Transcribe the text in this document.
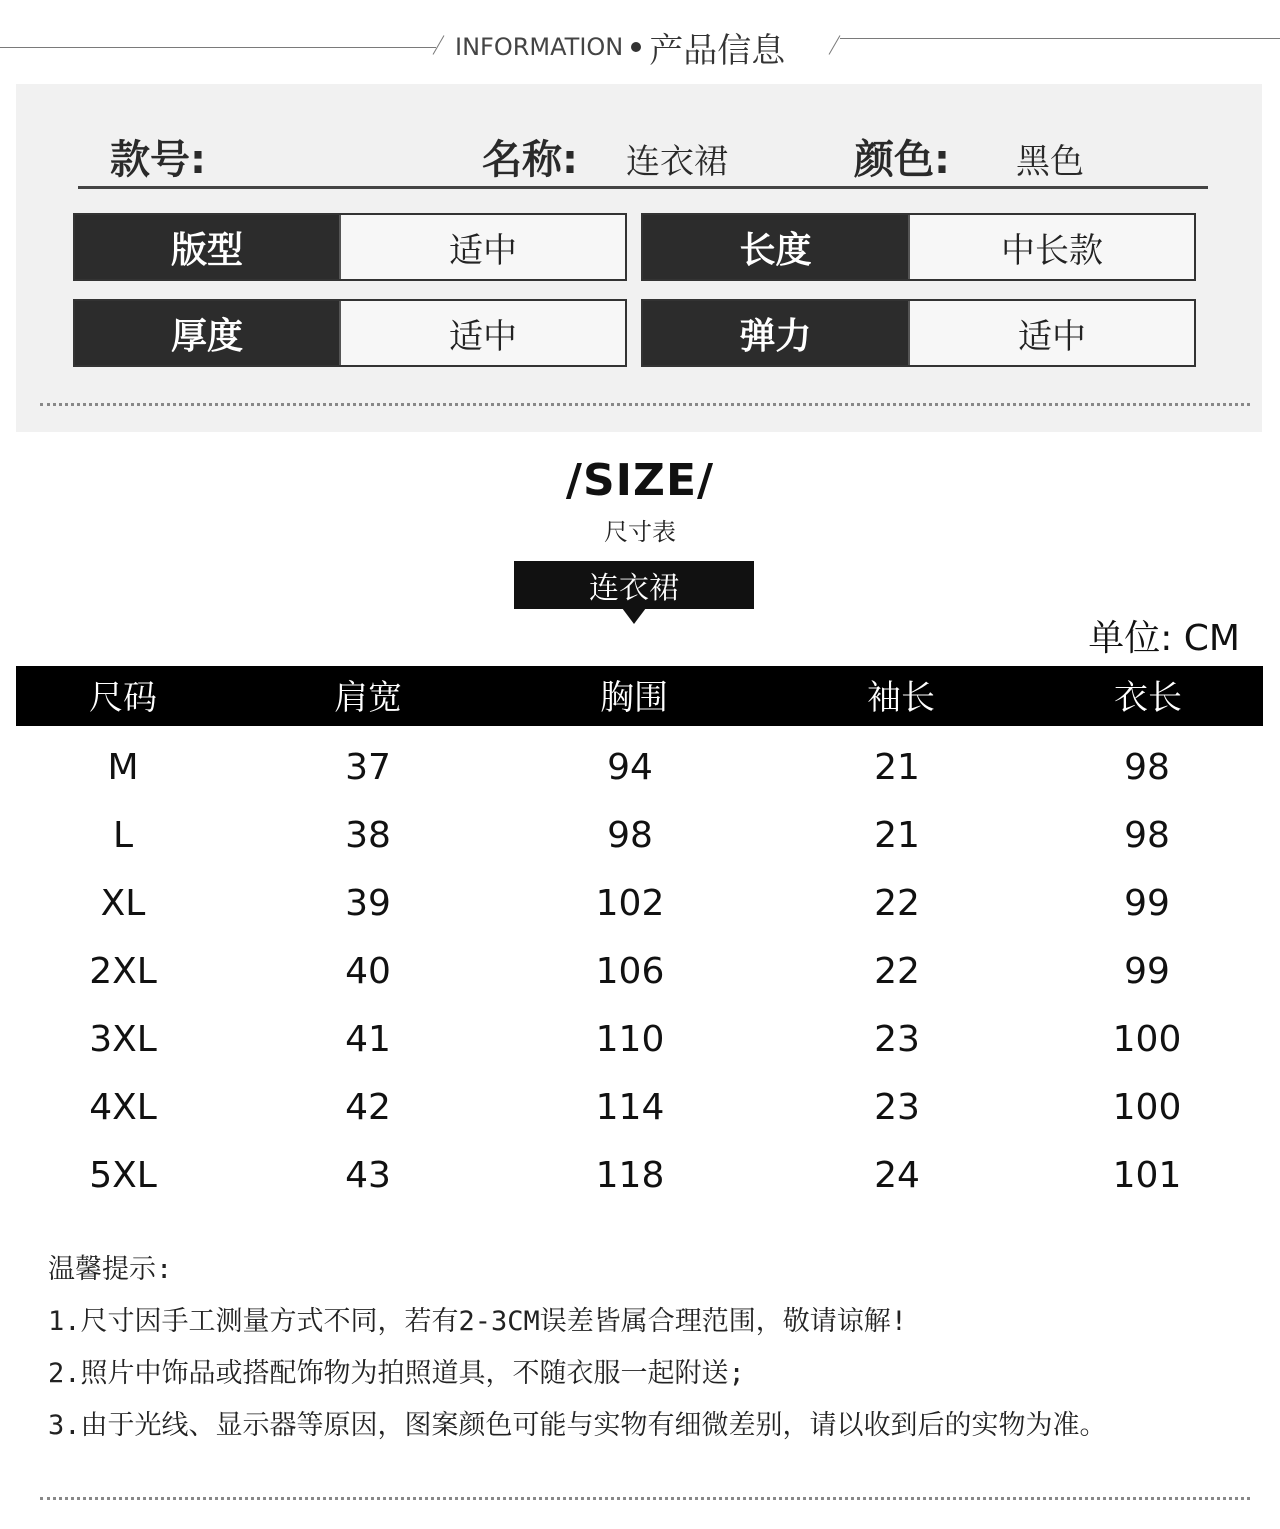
INFORMATION 产品信息
款号:	名称: 连衣裙	颜色: 黑色
版型	适中	长度	中长款
厚度	适中	弹力	适中
/SIZE/
尺寸表
连衣裙
单位: CM
尺码	肩宽	胸围	袖长	衣长
M	37	94	21	98
L	38	98	21	98
XL	39	102	22	99
2XL	40	106	22	99
3XL	41	110	23	100
4XL	42	114	23	100
5XL	43	118	24	101
温馨提示:
1.尺寸因手工测量方式不同，若有2-3CM误差皆属合理范围，敬请谅解!
2.照片中饰品或搭配饰物为拍照道具，不随衣服一起附送;
3.由于光线、显示器等原因，图案颜色可能与实物有细微差别，请以收到后的实物为准。
